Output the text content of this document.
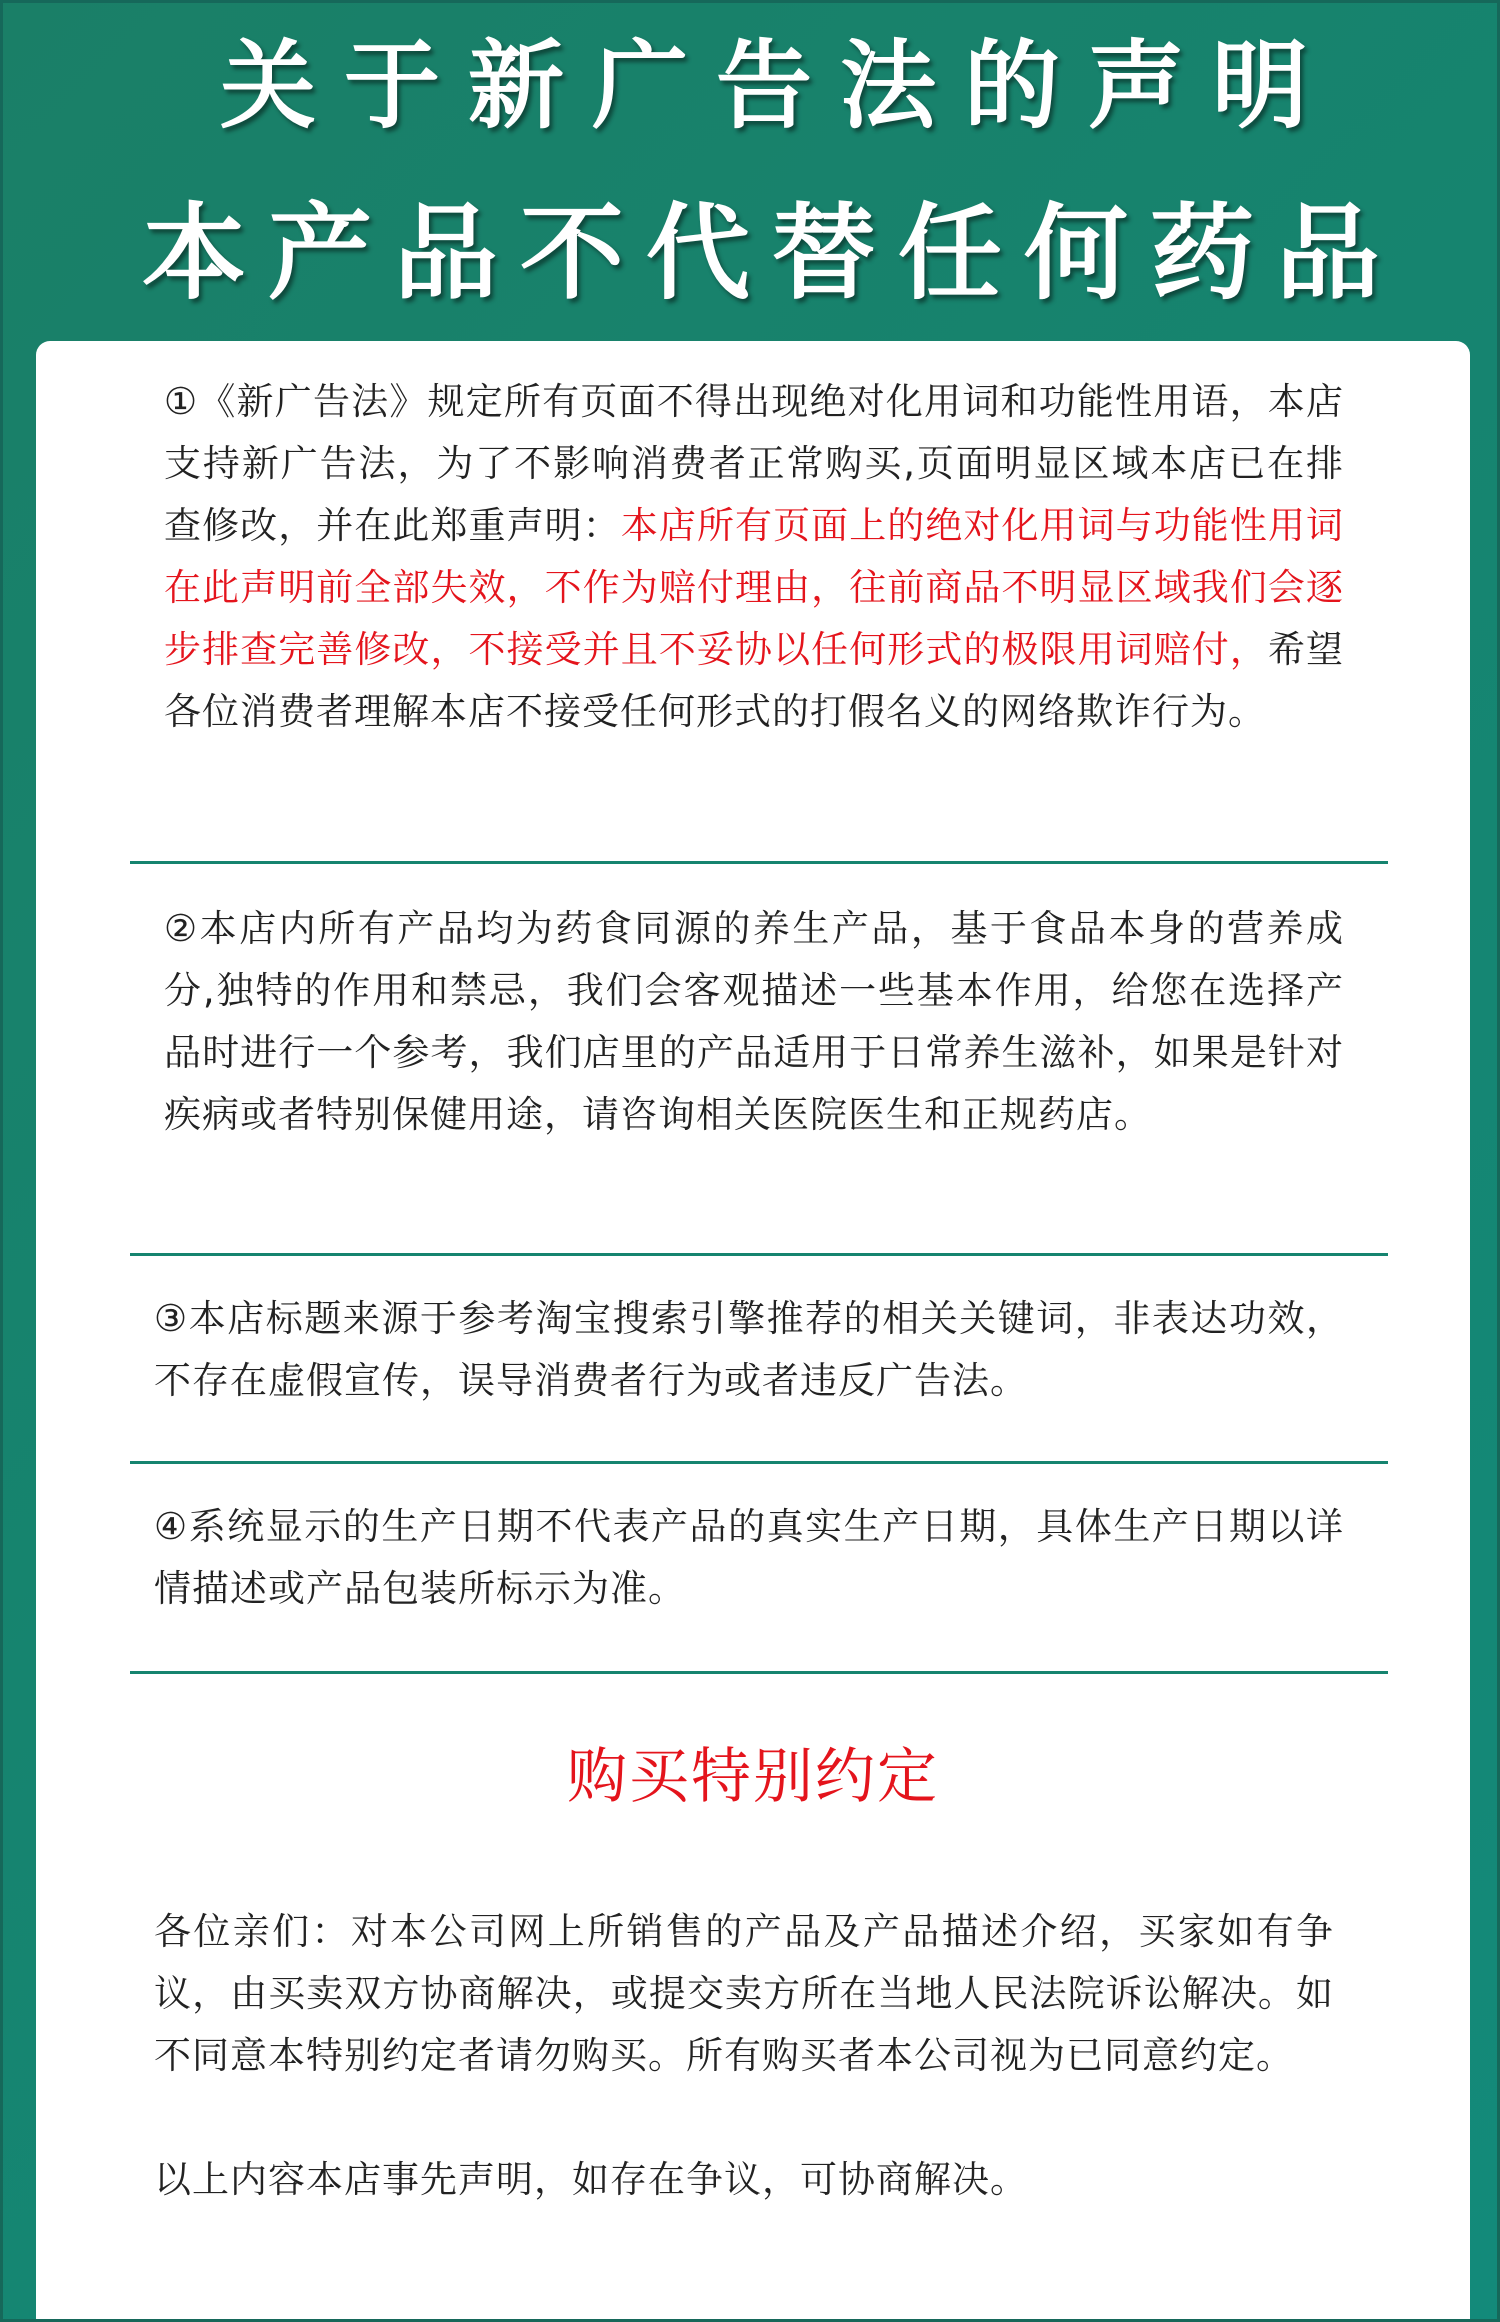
关于新广告法的声明
本产品不代替任何药品

①《新广告法》规定所有页面不得出现绝对化用词和功能性用语，本店支持新广告法，为了不影响消费者正常购买,页面明显区域本店已在排查修改，并在此郑重声明：本店所有页面上的绝对化用词与功能性用词在此声明前全部失效，不作为赔付理由，往前商品不明显区域我们会逐步排查完善修改，不接受并且不妥协以任何形式的极限用词赔付，希望各位消费者理解本店不接受任何形式的打假名义的网络欺诈行为。

②本店内所有产品均为药食同源的养生产品，基于食品本身的营养成分,独特的作用和禁忌，我们会客观描述一些基本作用，给您在选择产品时进行一个参考，我们店里的产品适用于日常养生滋补，如果是针对疾病或者特别保健用途，请咨询相关医院医生和正规药店。

③本店标题来源于参考淘宝搜索引擎推荐的相关关键词，非表达功效，不存在虚假宣传，误导消费者行为或者违反广告法。

④系统显示的生产日期不代表产品的真实生产日期，具体生产日期以详情描述或产品包装所标示为准。

购买特别约定

各位亲们：对本公司网上所销售的产品及产品描述介绍，买家如有争议，由买卖双方协商解决，或提交卖方所在当地人民法院诉讼解决。如不同意本特别约定者请勿购买。所有购买者本公司视为已同意约定。

以上内容本店事先声明，如存在争议，可协商解决。
